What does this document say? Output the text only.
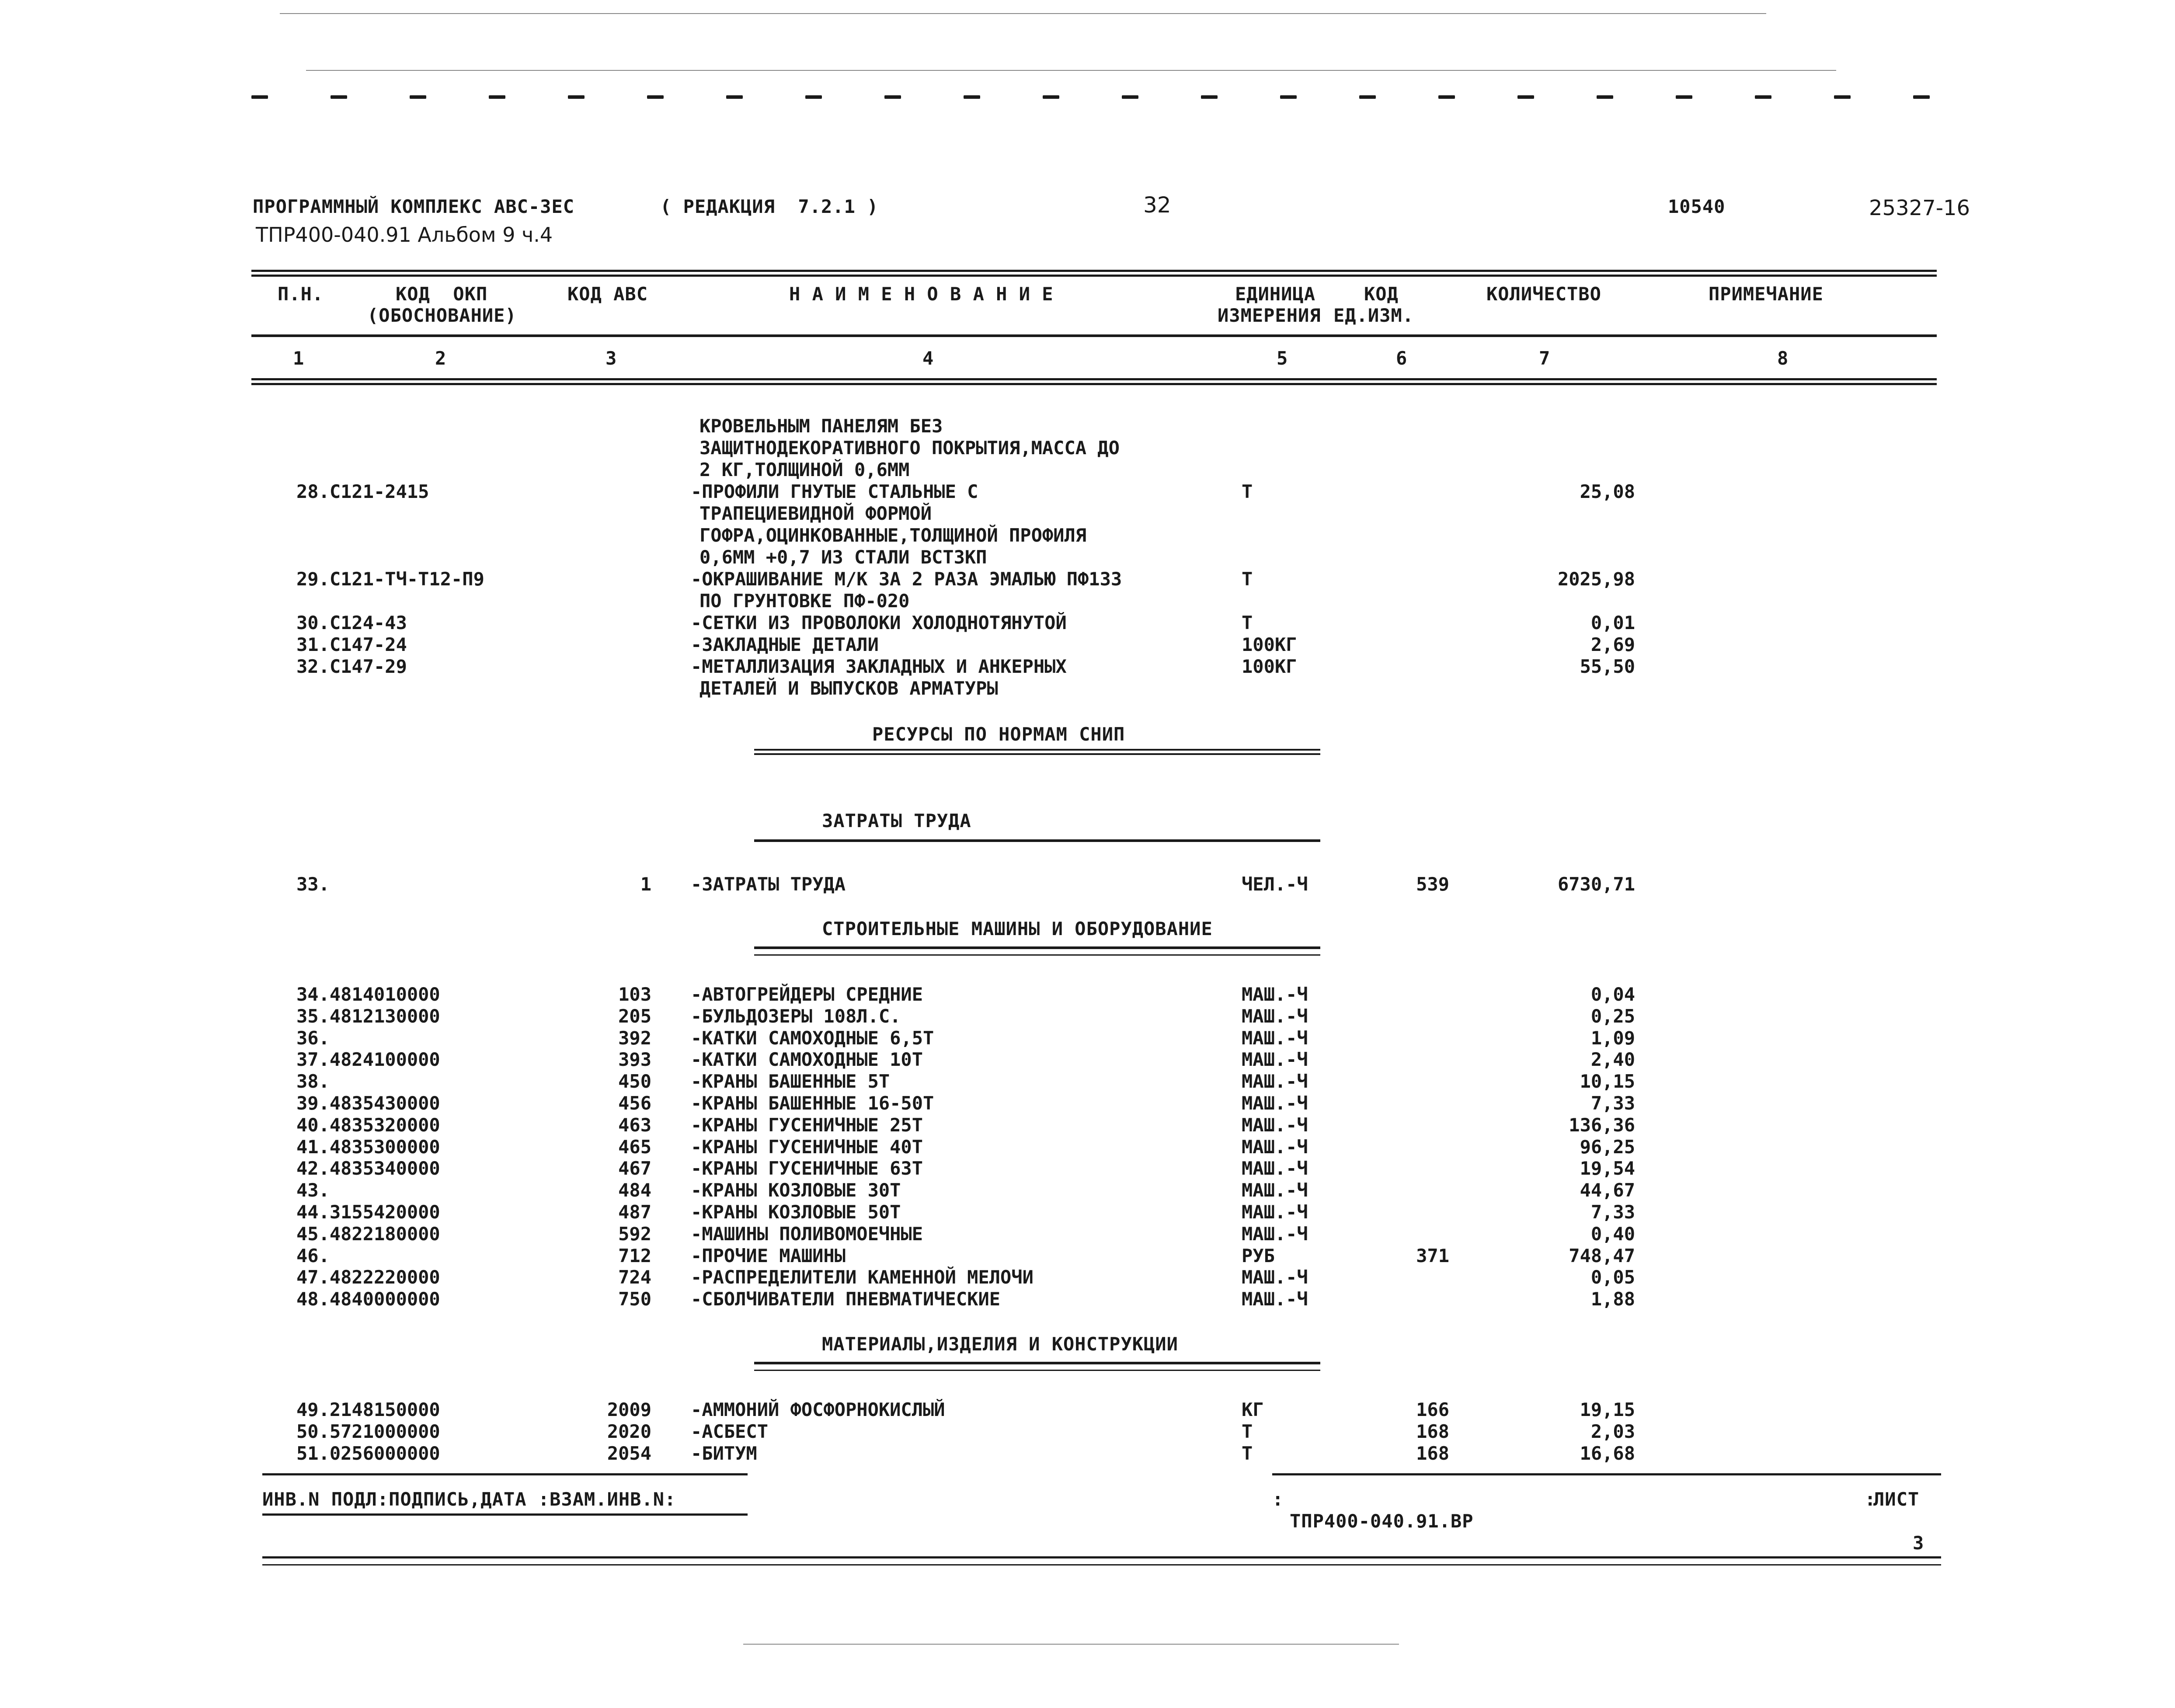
ПРОГРАММНЫЙ КОМПЛЕКС АВС-3ЕС	( РЕДАКЦИЯ  7.2.1 )	32	10540	25327-16
ТПР400-040.91 Альбом 9 ч.4
П.Н.	КОД  ОКП
(ОБОСНОВАНИЕ)
КОД АВС	Н А И М Е Н О В А Н И Е	ЕДИНИЦА
ИЗМЕРЕНИЯ
КОД
ЕД.ИЗМ.
КОЛИЧЕСТВО	ПРИМЕЧАНИЕ
1	2	3	4	5	6	7	8
КРОВЕЛЬНЫМ ПАНЕЛЯМ БЕЗ
ЗАЩИТНОДЕКОРАТИВНОГО ПОКРЫТИЯ,МАССА ДО
2 КГ,ТОЛЩИНОЙ 0,6ММ
28.С121-2415	-ПРОФИЛИ ГНУТЫЕ СТАЛЬНЫЕ С	Т	25,08
ТРАПЕЦИЕВИДНОЙ ФОРМОЙ
ГОФРА,ОЦИНКОВАННЫЕ,ТОЛЩИНОЙ ПРОФИЛЯ
0,6ММ +0,7 ИЗ СТАЛИ ВСТ3КП
29.С121-ТЧ-Т12-П9	-ОКРАШИВАНИЕ М/К ЗА 2 РАЗА ЭМАЛЬЮ ПФ133	Т	2025,98
ПО ГРУНТОВКЕ ПФ-020
30.С124-43	-СЕТКИ ИЗ ПРОВОЛОКИ ХОЛОДНОТЯНУТОЙ	Т	0,01
31.С147-24	-ЗАКЛАДНЫЕ ДЕТАЛИ	100КГ	2,69
32.С147-29	-МЕТАЛЛИЗАЦИЯ ЗАКЛАДНЫХ И АНКЕРНЫХ	100КГ	55,50
ДЕТАЛЕЙ И ВЫПУСКОВ АРМАТУРЫ
РЕСУРСЫ ПО НОРМАМ СНИП
ЗАТРАТЫ ТРУДА
33.	1 -ЗАТРАТЫ ТРУДА	ЧЕЛ.-Ч	539	6730,71
СТРОИТЕЛЬНЫЕ МАШИНЫ И ОБОРУДОВАНИЕ
34.4814010000	103 -АВТОГРЕЙДЕРЫ СРЕДНИЕ	МАШ.-Ч	0,04
35.4812130000	205 -БУЛЬДОЗЕРЫ 108Л.С.	МАШ.-Ч	0,25
36.	392 -КАТКИ САМОХОДНЫЕ 6,5Т	МАШ.-Ч	1,09
37.4824100000	393 -КАТКИ САМОХОДНЫЕ 10Т	МАШ.-Ч	2,40
38.	450 -КРАНЫ БАШЕННЫЕ 5Т	МАШ.-Ч	10,15
39.4835430000	456 -КРАНЫ БАШЕННЫЕ 16-50Т	МАШ.-Ч	7,33
40.4835320000	463 -КРАНЫ ГУСЕНИЧНЫЕ 25Т	МАШ.-Ч	136,36
41.4835300000	465 -КРАНЫ ГУСЕНИЧНЫЕ 40Т	МАШ.-Ч	96,25
42.4835340000	467 -КРАНЫ ГУСЕНИЧНЫЕ 63Т	МАШ.-Ч	19,54
43.	484 -КРАНЫ КОЗЛОВЫЕ 30Т	МАШ.-Ч	44,67
44.3155420000	487 -КРАНЫ КОЗЛОВЫЕ 50Т	МАШ.-Ч	7,33
45.4822180000	592 -МАШИНЫ ПОЛИВОМОЕЧНЫЕ	МАШ.-Ч	0,40
46.	712 -ПРОЧИЕ МАШИНЫ	РУБ	371	748,47
47.4822220000	724 -РАСПРЕДЕЛИТЕЛИ КАМЕННОЙ МЕЛОЧИ	МАШ.-Ч	0,05
48.4840000000	750 -СБОЛЧИВАТЕЛИ ПНЕВМАТИЧЕСКИЕ	МАШ.-Ч	1,88
МАТЕРИАЛЫ,ИЗДЕЛИЯ И КОНСТРУКЦИИ
49.2148150000	2009 -АММОНИЙ ФОСФОРНОКИСЛЫЙ	КГ	166	19,15
50.5721000000	2020 -АСБЕСТ	Т	168	2,03
51.0256000000	2054 -БИТУМ	Т	168	16,68
ИНВ.N ПОДЛ:ПОДПИСЬ,ДАТА :ВЗАМ.ИНВ.N:	:	:
ЛИСТ
ТПР400-040.91.ВР
3
